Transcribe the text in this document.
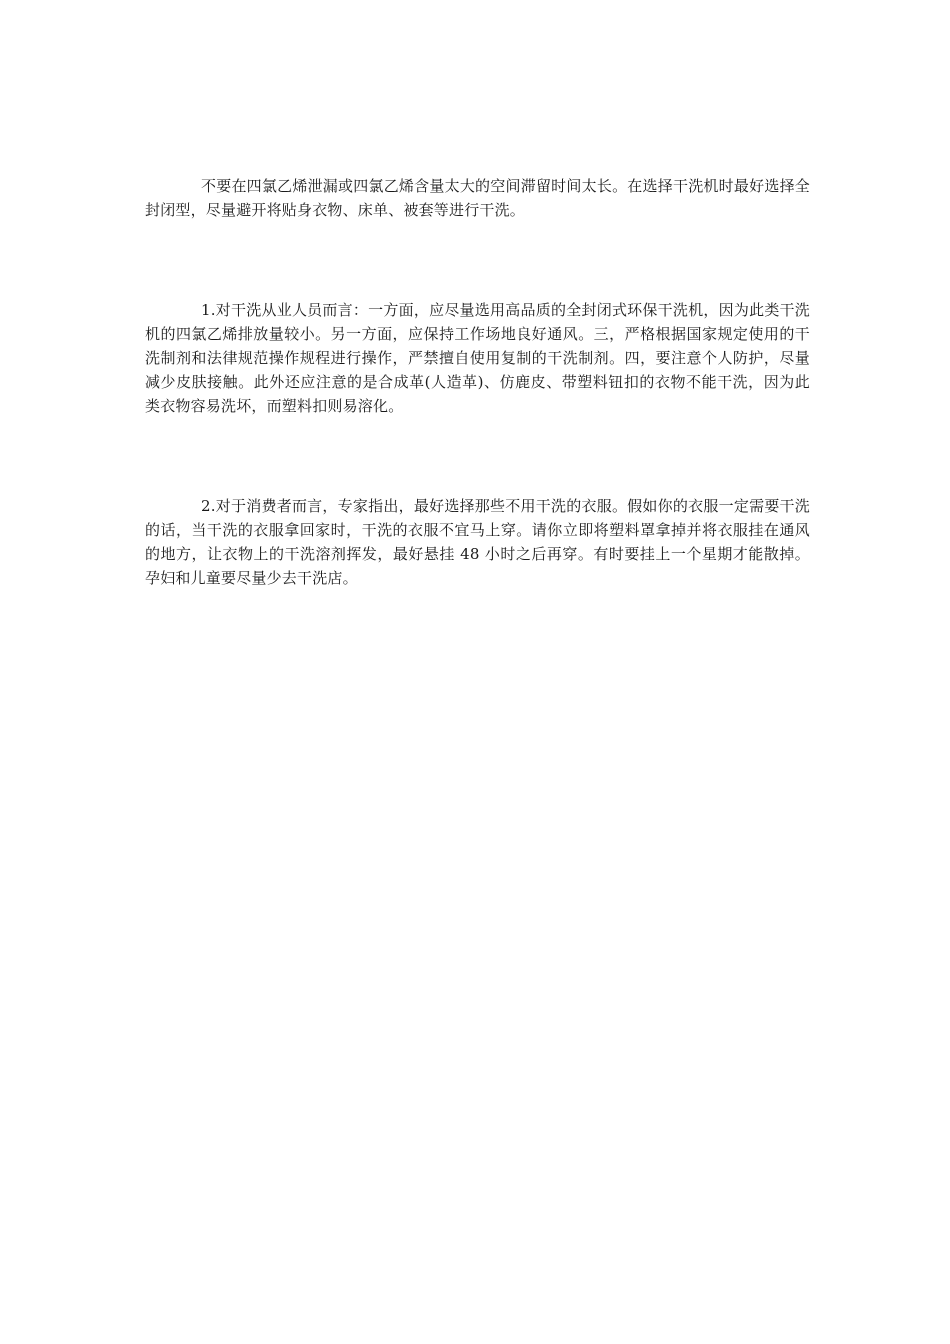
不要在四氯乙烯泄漏或四氯乙烯含量太大的空间滞留时间太长。在选择干洗机时最好选择全封闭型，尽量避开将贴身衣物、床单、被套等进行干洗。

1.对干洗从业人员而言：一方面，应尽量选用高品质的全封闭式环保干洗机，因为此类干洗机的四氯乙烯排放量较小。另一方面，应保持工作场地良好通风。三，严格根据国家规定使用的干洗制剂和法律规范操作规程进行操作，严禁擅自使用复制的干洗制剂。四，要注意个人防护，尽量减少皮肤接触。此外还应注意的是合成革(人造革)、仿鹿皮、带塑料钮扣的衣物不能干洗，因为此类衣物容易洗坏，而塑料扣则易溶化。

2.对于消费者而言，专家指出，最好选择那些不用干洗的衣服。假如你的衣服一定需要干洗的话，当干洗的衣服拿回家时，干洗的衣服不宜马上穿。请你立即将塑料罩拿掉并将衣服挂在通风的地方，让衣物上的干洗溶剂挥发，最好悬挂 48 小时之后再穿。有时要挂上一个星期才能散掉。孕妇和儿童要尽量少去干洗店。
